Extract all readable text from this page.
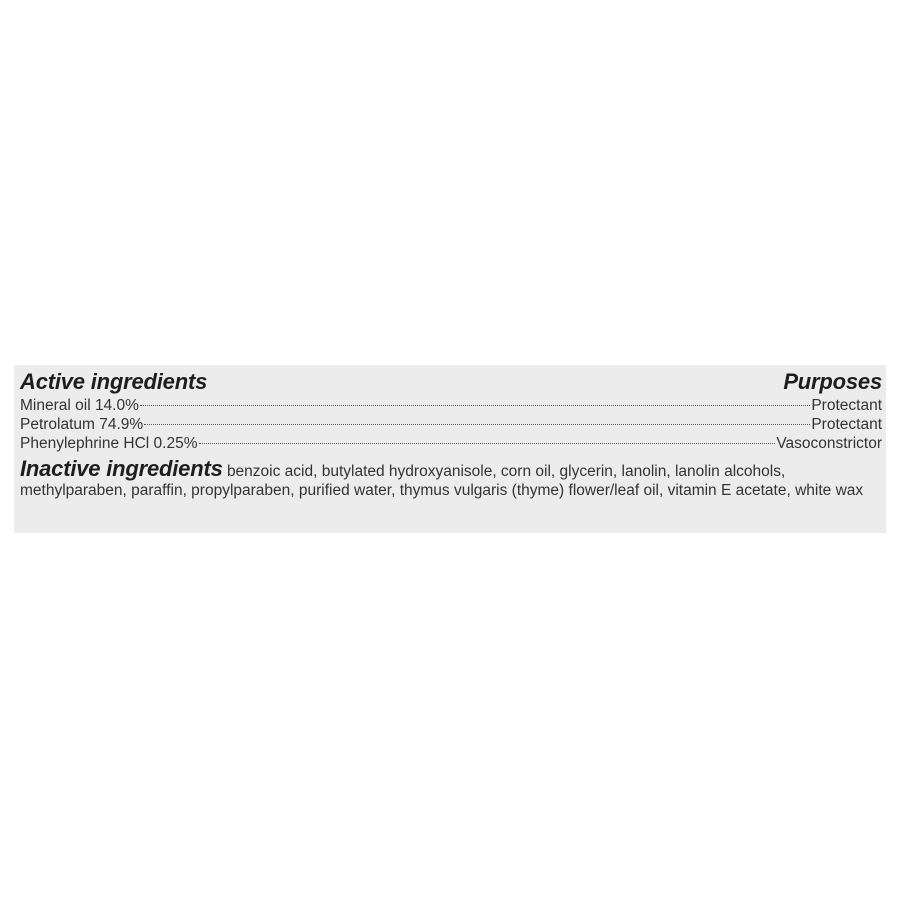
Active ingredients	Purposes
Mineral oil 14.0%	Protectant
Petrolatum 74.9%	Protectant
Phenylephrine HCl 0.25%	Vasoconstrictor
Inactive ingredients benzoic acid, butylated hydroxyanisole, corn oil, glycerin, lanolin, lanolin alcohols, methylparaben, paraffin, propylparaben, purified water, thymus vulgaris (thyme) flower/leaf oil, vitamin E acetate, white wax
